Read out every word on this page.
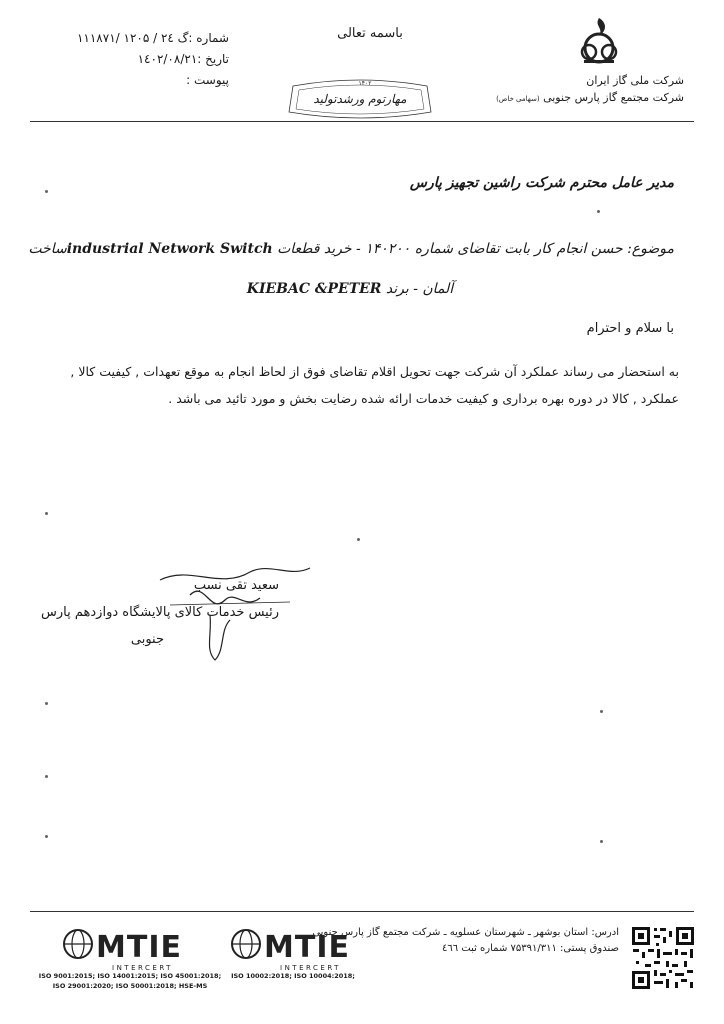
شماره :گ ۲٤ / ۱۲۰۵ /۱۱۱۸۷۱
تاریخ :۱٤۰۲/۰۸/۲۱
پیوست :
باسمه تعالی
۱۴۰۲
مهارتوم ورشدتولید
شرکت ملی گاز ایران
شرکت مجتمع گاز پارس جنوبی (سهامی خاص)
مدیر عامل محترم شرکت راشین تجهیز پارس
موضوع: حسن انجام کار بابت تقاضای شماره ۱۴۰۲۰۰ - خرید قطعات industrial Network Switchساخت
آلمان - برند KIEBAC &PETER
با سلام و احترام
به استحضار می رساند عملکرد آن شرکت جهت تحویل اقلام تقاضای فوق از لحاظ انجام به موقع تعهدات , کیفیت کالا ,
عملکرد , کالا در دوره بهره برداری و کیفیت خدمات ارائه شده رضایت بخش و مورد تائید می باشد .
سعید تقی نسب
رئیس خدمات کالای پالایشگاه دوازدهم پارس
جنوبی
ادرس: استان بوشهر ـ شهرستان عسلویه ـ شرکت مجتمع گاز پارس جنوبی
صندوق پستی: ۷۵۳۹۱/۳۱۱ شماره ثبت ٤٦٦
MTIE
INTERCERT
ISO 10002:2018; ISO 10004:2018;
MTIE
INTERCERT
ISO 9001:2015; ISO 14001:2015; ISO 45001:2018;
ISO 29001:2020; ISO 50001:2018; HSE-MS
